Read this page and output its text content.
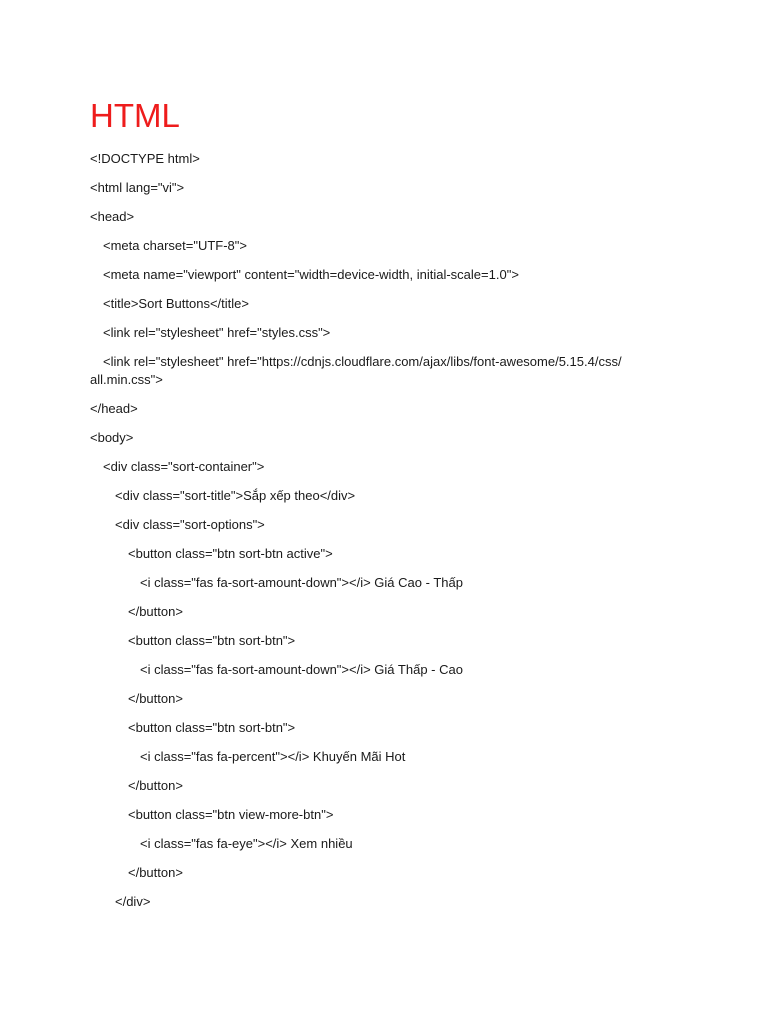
HTML
<!DOCTYPE html>
<html lang="vi">
<head>
<meta charset="UTF-8">
<meta name="viewport" content="width=device-width, initial-scale=1.0">
<title>Sort Buttons</title>
<link rel="stylesheet" href="styles.css">
<link rel="stylesheet" href="https://cdnjs.cloudflare.com/ajax/libs/font-awesome/5.15.4/css/
all.min.css">
</head>
<body>
<div class="sort-container">
<div class="sort-title">Sắp xếp theo</div>
<div class="sort-options">
<button class="btn sort-btn active">
<i class="fas fa-sort-amount-down"></i> Giá Cao - Thấp
</button>
<button class="btn sort-btn">
<i class="fas fa-sort-amount-down"></i> Giá Thấp - Cao
</button>
<button class="btn sort-btn">
<i class="fas fa-percent"></i> Khuyến Mãi Hot
</button>
<button class="btn view-more-btn">
<i class="fas fa-eye"></i> Xem nhiều
</button>
</div>
